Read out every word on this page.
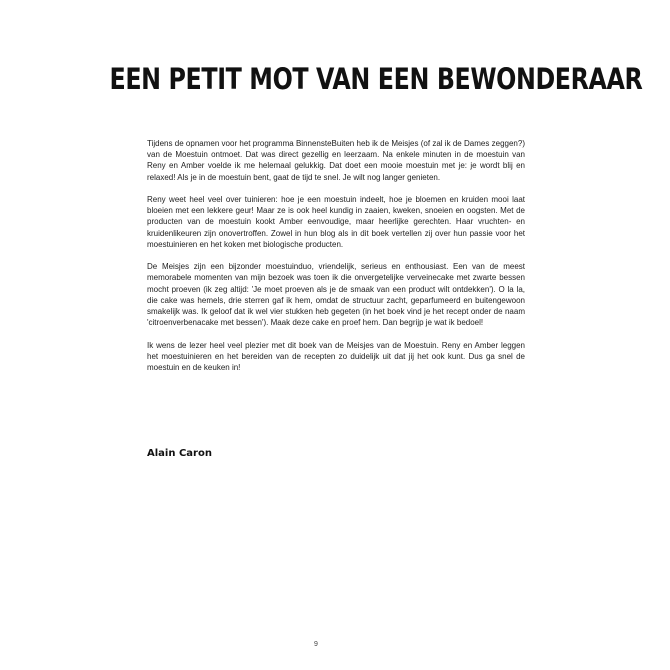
EEN PETIT MOT VAN EEN BEWONDERAAR

Tijdens de opnamen voor het programma BinnensteBuiten heb ik de Meisjes (of zal ik de Dames zeggen?) van de Moestuin ontmoet. Dat was direct gezellig en leerzaam. Na enkele minuten in de moestuin van Reny en Amber voelde ik me helemaal gelukkig. Dat doet een mooie moestuin met je: je wordt blij en relaxed! Als je in de moestuin bent, gaat de tijd te snel. Je wilt nog langer genieten.

Reny weet heel veel over tuinieren: hoe je een moestuin indeelt, hoe je bloemen en kruiden mooi laat bloeien met een lekkere geur! Maar ze is ook heel kundig in zaaien, kweken, snoeien en oogsten. Met de producten van de moestuin kookt Amber eenvoudige, maar heerlijke gerechten. Haar vruchten- en kruidenlikeuren zijn onovertroffen. Zowel in hun blog als in dit boek vertellen zij over hun passie voor het moestuinieren en het koken met biologische producten.

De Meisjes zijn een bijzonder moestuinduo, vriendelijk, serieus en enthousiast. Een van de meest memorabele momenten van mijn bezoek was toen ik die onvergetelijke verveinecake met zwarte bessen mocht proeven (ik zeg altijd: 'Je moet proeven als je de smaak van een product wilt ontdekken'). O la la, die cake was hemels, drie sterren gaf ik hem, omdat de structuur zacht, geparfumeerd en buitengewoon smakelijk was. Ik geloof dat ik wel vier stukken heb gegeten (in het boek vind je het recept onder de naam 'citroenverbenacake met bessen'). Maak deze cake en proef hem. Dan begrijp je wat ik bedoel!

Ik wens de lezer heel veel plezier met dit boek van de Meisjes van de Moestuin. Reny en Amber leggen het moestuinieren en het bereiden van de recepten zo duidelijk uit dat jij het ook kunt. Dus ga snel de moestuin en de keuken in!

Alain Caron
9
